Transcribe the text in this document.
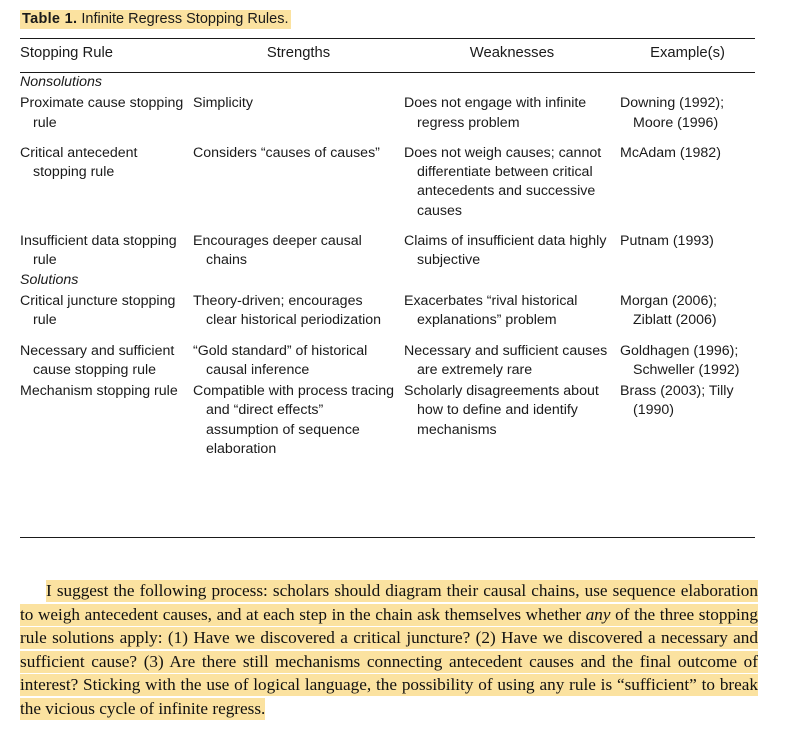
Table 1. Infinite Regress Stopping Rules.
Stopping Rule	Strengths	Weaknesses	Example(s)
Nonsolutions			

Proximate cause stopping rule	Simplicity	Does not engage with infinite regress problem	Downing (1992); Moore (1996)

Critical antecedent stopping rule	Considers “causes of causes”	Does not weigh causes; cannot differentiate between critical antecedents and successive causes	McAdam (1982)

Insufficient data stopping rule	Encourages deeper causal chains	Claims of insufficient data highly subjective	Putnam (1993)

Solutions			

Critical juncture stopping rule	Theory-driven; encourages clear historical periodization	Exacerbates “rival historical explanations” problem	Morgan (2006); Ziblatt (2006)

Necessary and sufficient cause stopping rule	“Gold standard” of historical causal inference	Necessary and sufficient causes are extremely rare	Goldhagen (1996); Schweller (1992)

Mechanism stopping rule	Compatible with process tracing and “direct effects” assumption of sequence elaboration	Scholarly disagreements about how to define and identify mechanisms	Brass (2003); Tilly (1990)

I suggest the following process: scholars should diagram their causal chains, use sequence elaboration to weigh antecedent causes, and at each step in the chain ask themselves whether any of the three stopping rule solutions apply: (1) Have we discovered a critical juncture? (2) Have we discovered a necessary and sufficient cause? (3) Are there still mechanisms connecting antecedent causes and the final outcome of interest? Sticking with the use of logical language, the possibility of using any rule is “sufficient” to break the vicious cycle of infinite regress.
